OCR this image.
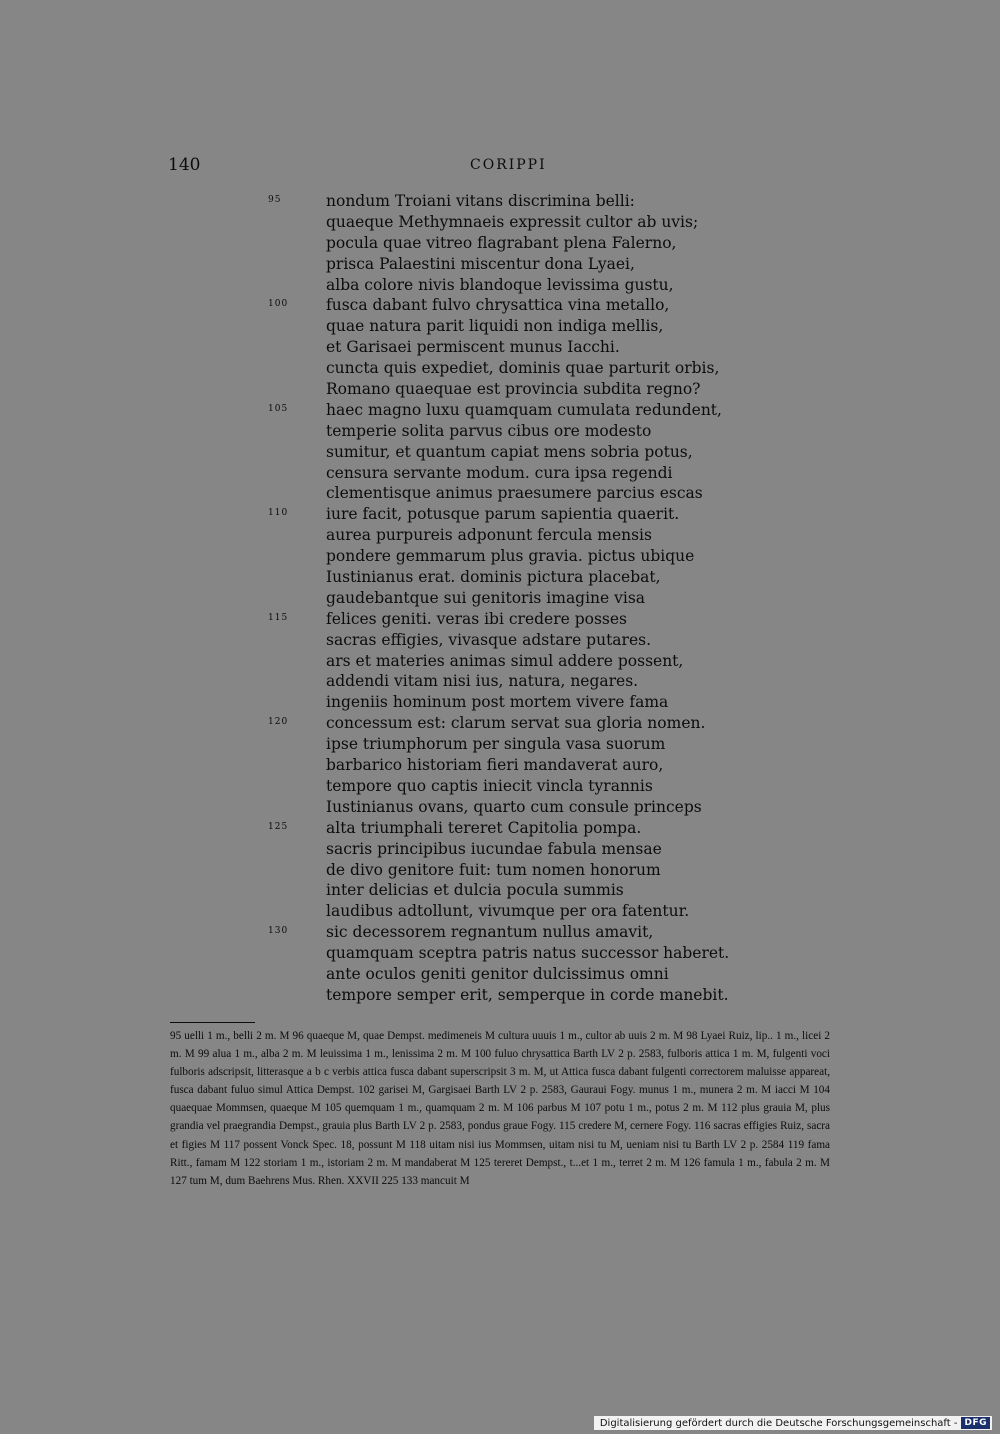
140	CORIPPI
95	nondum Troiani vitans discrimina belli:
quaeque Methymnaeis expressit cultor ab uvis;
pocula quae vitreo flagrabant plena Falerno,
prisca Palaestini miscentur dona Lyaei,
alba colore nivis blandoque levissima gustu,
100 fusca dabant fulvo chrysattica vina metallo,
quae natura parit liquidi non indiga mellis,
et Garisaei permiscent munus Iacchi.
cuncta quis expediet, dominis quae parturit orbis,
Romano quaequae est provincia subdita regno?
105 haec magno luxu quamquam cumulata redundent,
temperie solita parvus cibus ore modesto
sumitur, et quantum capiat mens sobria potus,
censura servante modum. cura ipsa regendi
clementisque animus praesumere parcius escas
110 iure facit, potusque parum sapientia quaerit.
aurea purpureis adponunt fercula mensis
pondere gemmarum plus gravia. pictus ubique
Iustinianus erat. dominis pictura placebat,
gaudebantque sui genitoris imagine visa
115 felices geniti. veras ibi credere posses
sacras effigies, vivasque adstare putares.
ars et materies animas simul addere possent,
addendi vitam nisi ius, natura, negares.
ingeniis hominum post mortem vivere fama
120 concessum est: clarum servat sua gloria nomen.
ipse triumphorum per singula vasa suorum
barbarico historiam fieri mandaverat auro,
tempore quo captis iniecit vincla tyrannis
Iustinianus ovans, quarto cum consule princeps
125 alta triumphali tereret Capitolia pompa.
sacris principibus iucundae fabula mensae
de divo genitore fuit: tum nomen honorum
inter delicias et dulcia pocula summis
laudibus adtollunt, vivumque per ora fatentur.
130 sic decessorem regnantum nullus amavit,
quamquam sceptra patris natus successor haberet.
ante oculos geniti genitor dulcissimus omni
tempore semper erit, semperque in corde manebit.
95 uelli 1 m., belli 2 m. M 96 quaeque M, quae Dempst. medimeneis M cultura uuuis 1 m., cultor ab uuis 2 m. M 98 Lyaei Ruiz, lip.. 1 m., licei 2 m. M 99 alua 1 m., alba 2 m. M leuissima 1 m., lenissima 2 m. M 100 fuluo chrysattica Barth LV 2 p. 2583, fulboris attica 1 m. M, fulgenti voci fulboris adscripsit, litterasque a b c verbis attica fusca dabant superscripsit 3 m. M, ut Attica fusca dabant fulgenti correctorem maluisse appareat, fusca dabant fuluo simul Attica Dempst. 102 garisei M, Gargisaei Barth LV 2 p. 2583, Gauraui Fogy. munus 1 m., munera 2 m. M iacci M 104 quaequae Mommsen, quaeque M 105 quemquam 1 m., quamquam 2 m. M 106 parbus M 107 potu 1 m., potus 2 m. M 112 plus grauia M, plus grandia vel praegrandia Dempst., grauia plus Barth LV 2 p. 2583, pondus graue Fogy. 115 credere M, cernere Fogy. 116 sacras effigies Ruiz, sacra et figies M 117 possent Vonck Spec. 18, possunt M 118 uitam nisi ius Mommsen, uitam nisi tu M, ueniam nisi tu Barth LV 2 p. 2584 119 fama Ritt., famam M 122 storiam 1 m., istoriam 2 m. M mandaberat M 125 tereret Dempst., t...et 1 m., terret 2 m. M 126 famula 1 m., fabula 2 m. M 127 tum M, dum Baehrens Mus. Rhen. XXVII 225 133 mancuit M
Digitalisierung gefördert durch die Deutsche Forschungsgemeinschaft - DFG
